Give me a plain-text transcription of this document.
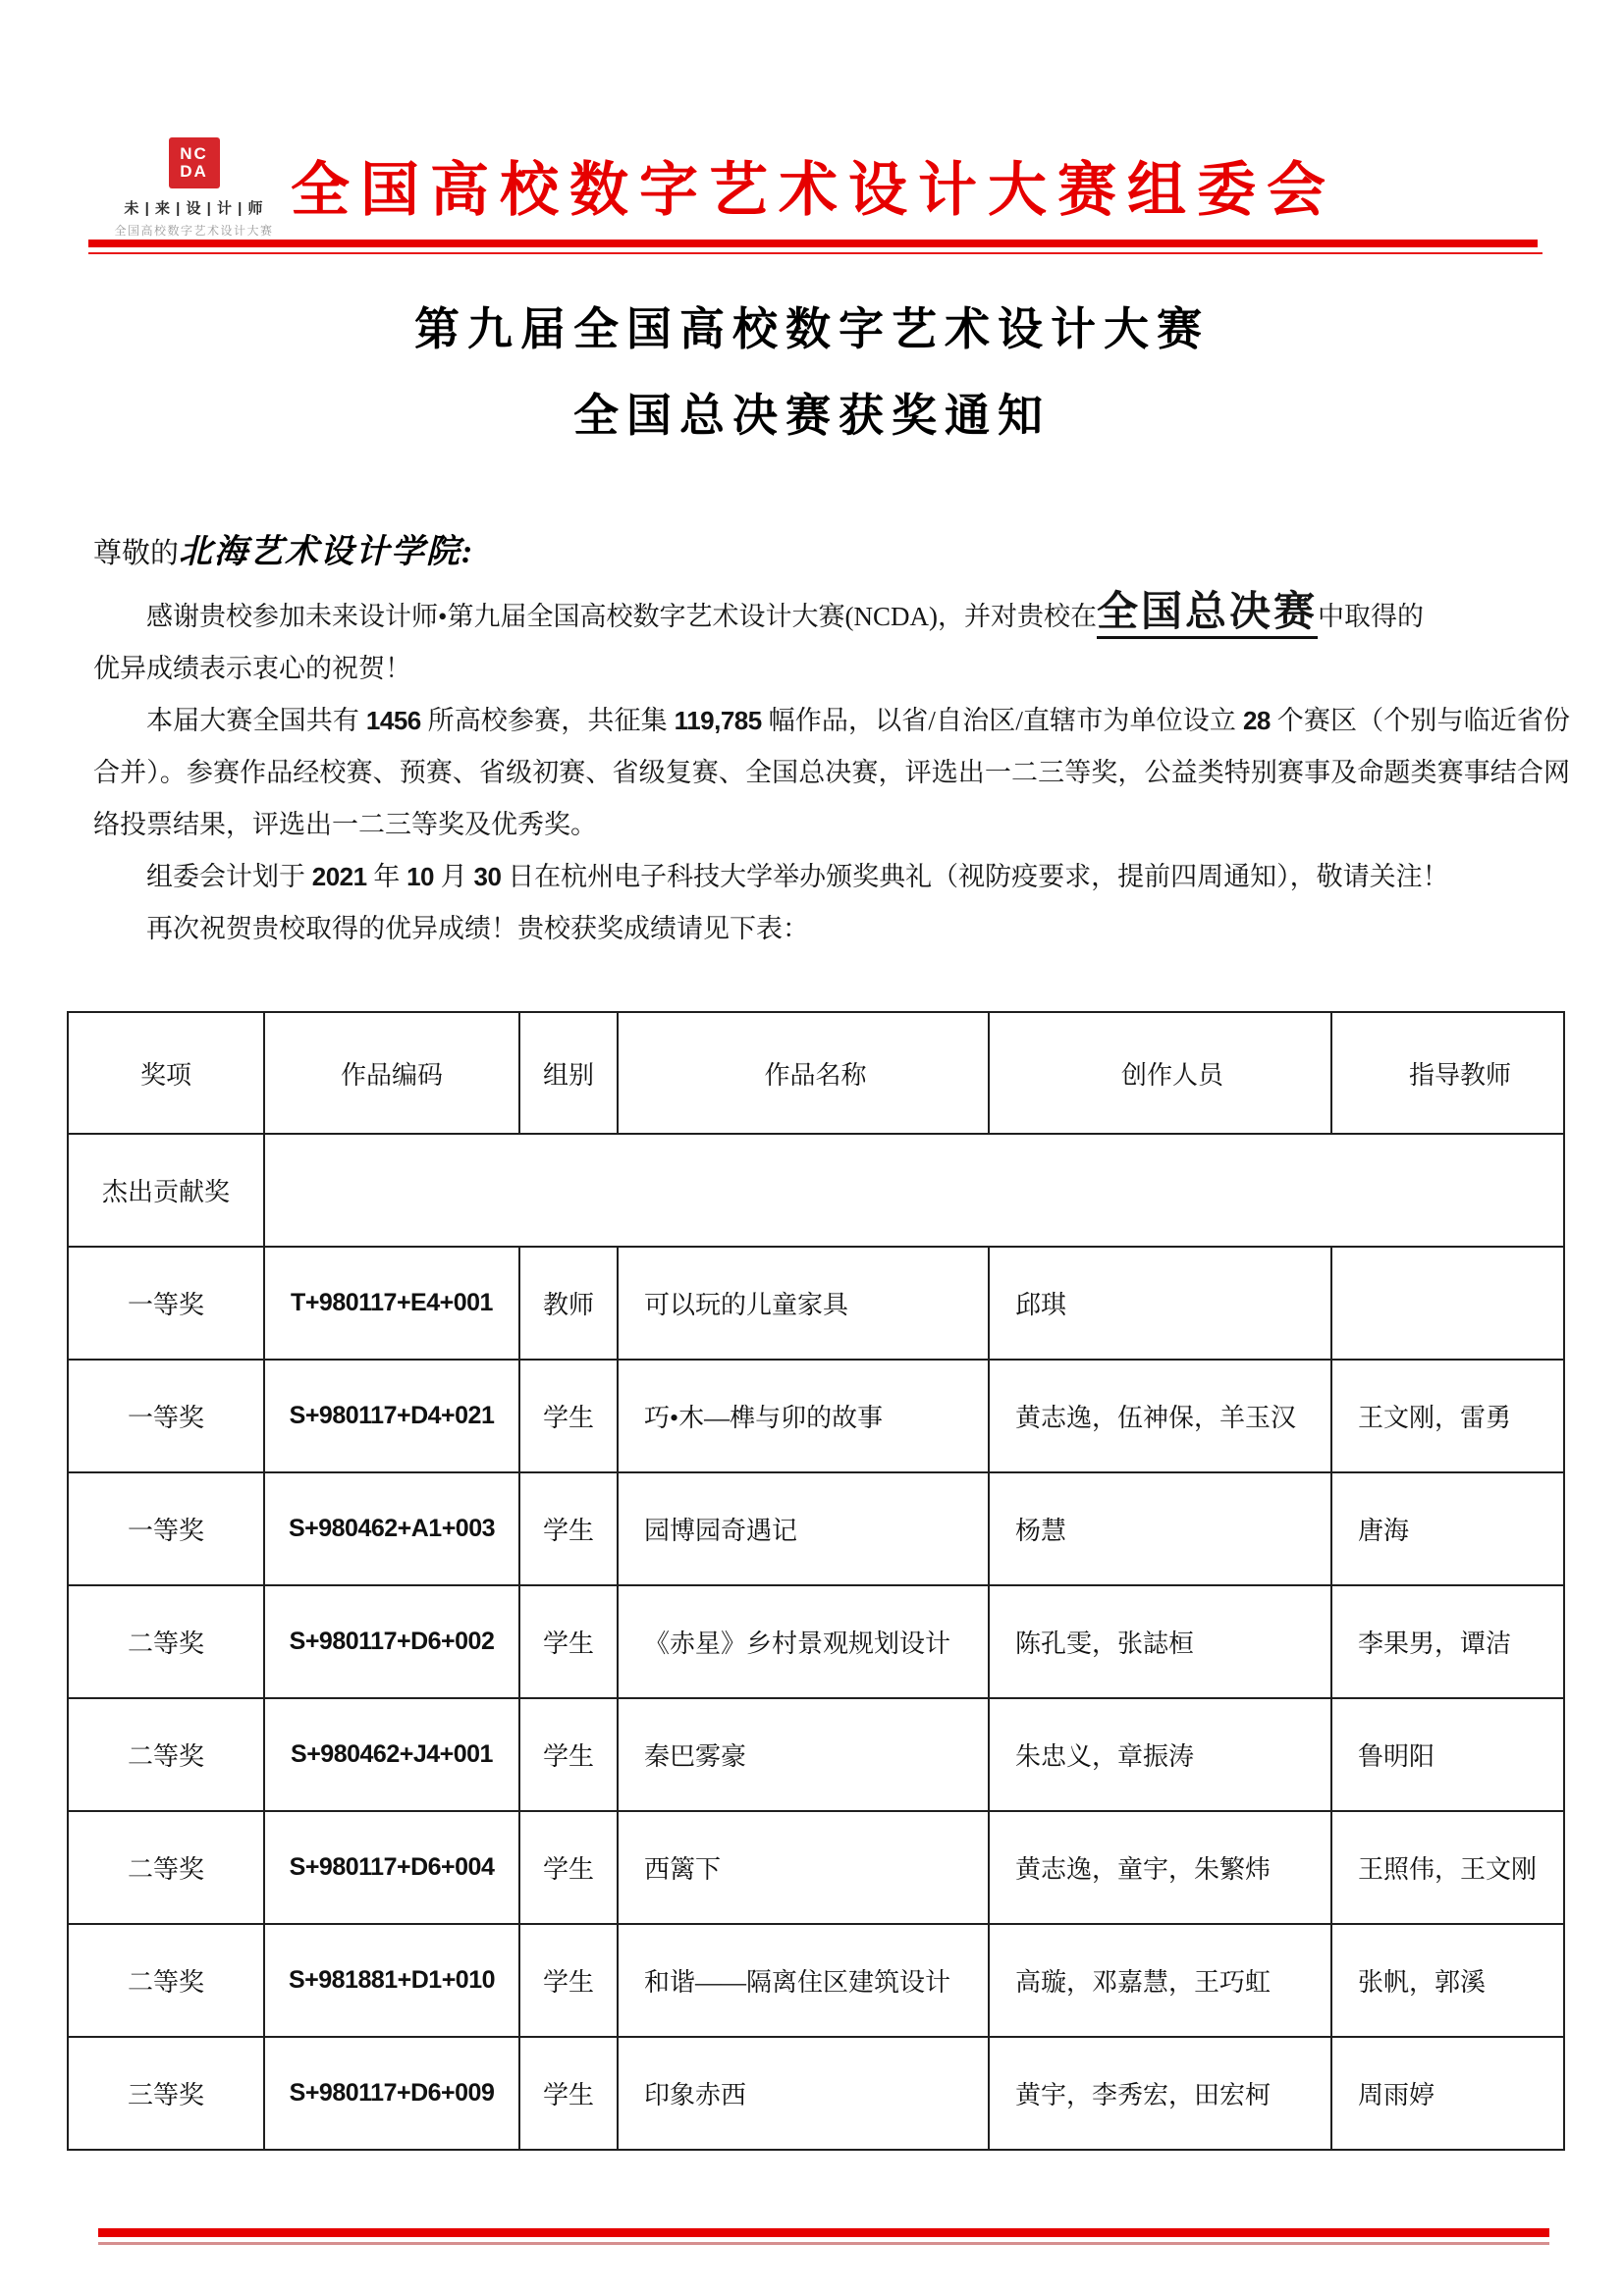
NC
DA
未 | 来 | 设 | 计 | 师
全国高校数字艺术设计大赛
全国高校数字艺术设计大赛组委会
第九届全国高校数字艺术设计大赛
全国总决赛获奖通知
尊敬的北海艺术设计学院:

感谢贵校参加未来设计师•第九届全国高校数字艺术设计大赛(NCDA)，并对贵校在全国总决赛中取得的
优异成绩表示衷心的祝贺！

本届大赛全国共有 1456 所高校参赛，共征集 119,785 幅作品，以省/自治区/直辖市为单位设立 28 个赛区（个别与临近省份合并）。参赛作品经校赛、预赛、省级初赛、省级复赛、全国总决赛，评选出一二三等奖，公益类特别赛事及命题类赛事结合网络投票结果，评选出一二三等奖及优秀奖。

组委会计划于 2021 年 10 月 30 日在杭州电子科技大学举办颁奖典礼（视防疫要求，提前四周通知），敬请关注！

再次祝贺贵校取得的优异成绩！贵校获奖成绩请见下表：

奖项	作品编码	组别	作品名称	创作人员	指导教师
杰出贡献奖					
一等奖	T+980117+E4+001	教师	可以玩的儿童家具	邱琪	
一等奖	S+980117+D4+021	学生	巧•木—榫与卯的故事	黄志逸，伍神保，羊玉汉	王文刚，雷勇
一等奖	S+980462+A1+003	学生	园博园奇遇记	杨慧	唐海
二等奖	S+980117+D6+002	学生	《赤星》乡村景观规划设计	陈孔雯，张誌桓	李果男，谭洁
二等奖	S+980462+J4+001	学生	秦巴雾豪	朱忠义，章振涛	鲁明阳
二等奖	S+980117+D6+004	学生	西篱下	黄志逸，童宇，朱繁炜	王照伟，王文刚
二等奖	S+981881+D1+010	学生	和谐——隔离住区建筑设计	高璇，邓嘉慧，王巧虹	张帆，郭溪
三等奖	S+980117+D6+009	学生	印象赤西	黄宇，李秀宏，田宏柯	周雨婷
